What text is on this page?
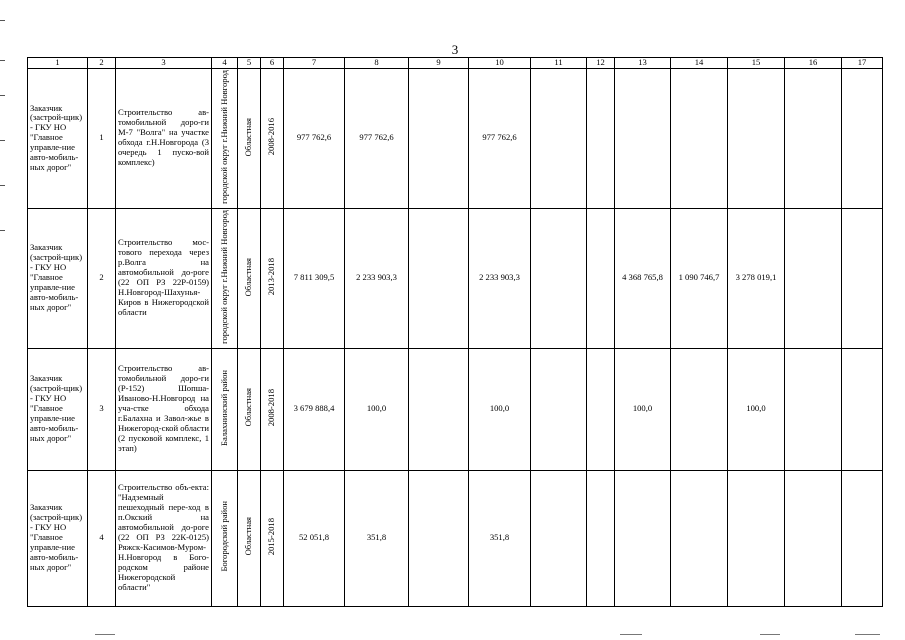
3
1	2	3	4	5	6	7	8	9	10	11	12	13	14	15	16	17
Заказчик (застрой-щик) - ГКУ НО "Главное управле-ние авто-мобиль-ных дорог"	1	Строительство ав-томобильной доро-ги М-7 "Волга" на участке обхода г.Н.Новгорода (3 очередь 1 пуско-вой комплекс)	городской округ г.Нижний Новгород	Областная	2008-2016	977 762,6	977 762,6		977 762,6							
Заказчик (застрой-щик) - ГКУ НО "Главное управле-ние авто-мобиль-ных дорог"	2	Строительство мос-тового перехода через р.Волга на автомобильной до-роге (22 ОП РЗ 22Р-0159) Н.Новгород-Шахунья-Киров в Нижегородской области	городской округ г.Нижний Новгород	Областная	2013-2018	7 811 309,5	2 233 903,3		2 233 903,3			4 368 765,8	1 090 746,7	3 278 019,1		
Заказчик (застрой-щик) - ГКУ НО "Главное управле-ние авто-мобиль-ных дорог"	3	Строительство ав-томобильной доро-ги (Р-152) Шопша-Иваново-Н.Новгород на уча-стке обхода г.Балахна и Завол-жье в Нижегород-ской области (2 пусковой комплекс, 1 этап)	Балахнинский район	Областная	2008-2018	3 679 888,4	100,0		100,0			100,0		100,0		
Заказчик (застрой-щик) - ГКУ НО "Главное управле-ние авто-мобиль-ных дорог"	4	Строительство объ-екта: "Надземный пешеходный пере-ход в п.Окский на автомобильной до-роге (22 ОП РЗ 22К-0125) Ряжск-Касимов-Муром-Н.Новгород в Бого-родском районе Нижегородской области"	Богородский район	Областная	2015-2018	52 051,8	351,8		351,8							
